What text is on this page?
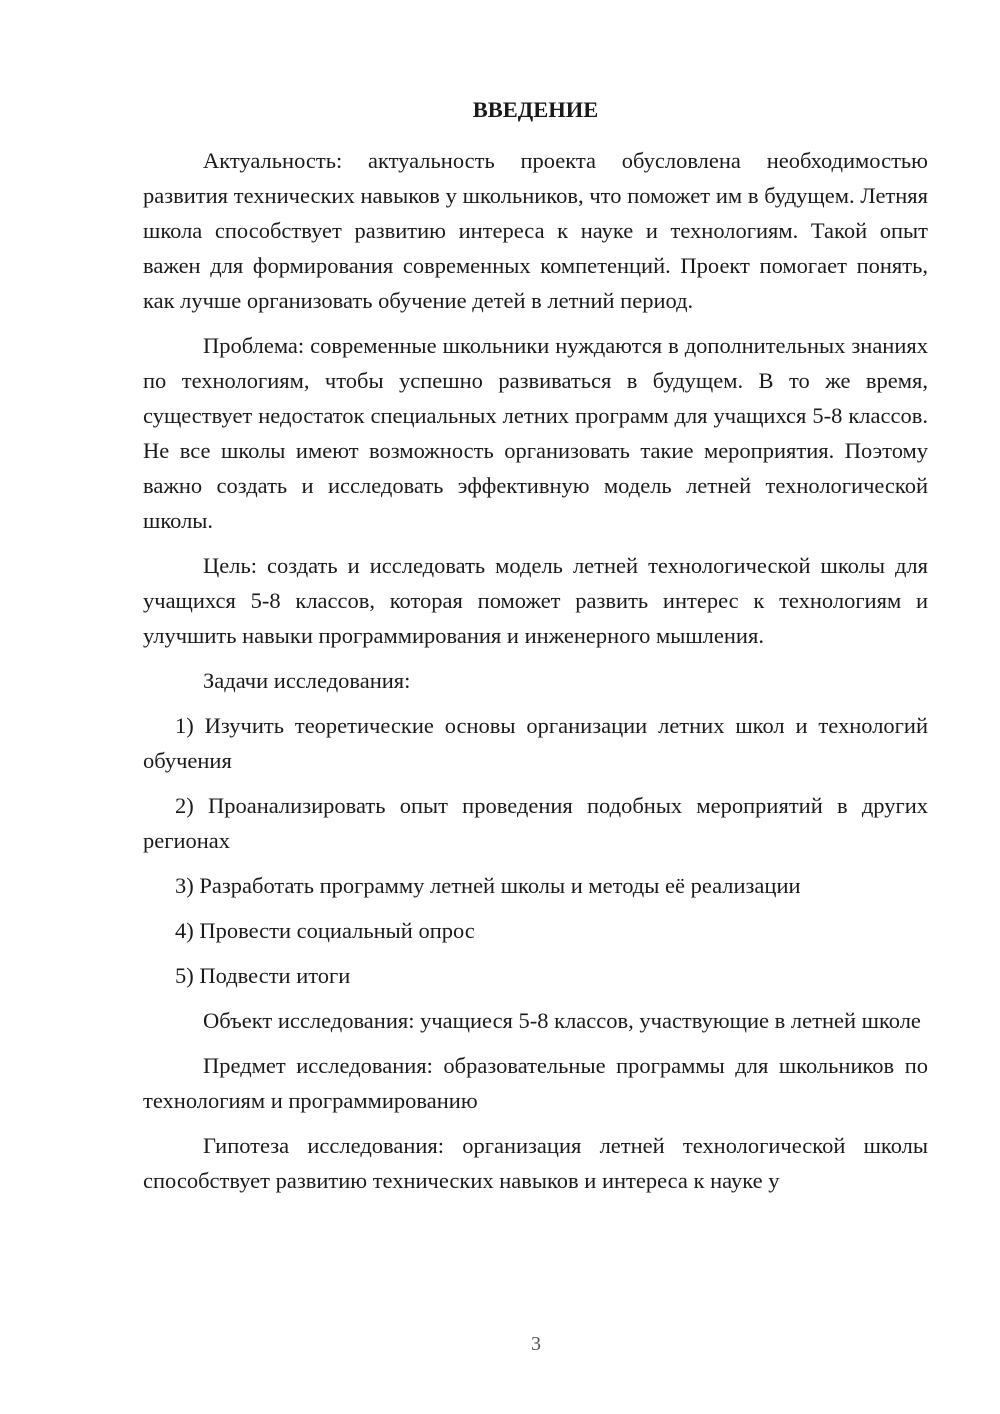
ВВЕДЕНИЕ

Актуальность: актуальность проекта обусловлена необходимостью развития технических навыков у школьников, что поможет им в будущем. Летняя школа способствует развитию интереса к науке и технологиям. Такой опыт важен для формирования современных компетенций. Проект помогает понять, как лучше организовать обучение детей в летний период.

Проблема: современные школьники нуждаются в дополнительных знаниях по технологиям, чтобы успешно развиваться в будущем. В то же время, существует недостаток специальных летних программ для учащихся 5-8 классов. Не все школы имеют возможность организовать такие мероприятия. Поэтому важно создать и исследовать эффективную модель летней технологической школы.

Цель: создать и исследовать модель летней технологической школы для учащихся 5-8 классов, которая поможет развить интерес к технологиям и улучшить навыки программирования и инженерного мышления.

Задачи исследования:

1) Изучить теоретические основы организации летних школ и технологий обучения

2) Проанализировать опыт проведения подобных мероприятий в других регионах

3) Разработать программу летней школы и методы её реализации

4) Провести социальный опрос

5) Подвести итоги

Объект исследования: учащиеся 5-8 классов, участвующие в летней школе

Предмет исследования: образовательные программы для школьников по технологиям и программированию

Гипотеза исследования: организация летней технологической школы способствует развитию технических навыков и интереса к науке у

3
